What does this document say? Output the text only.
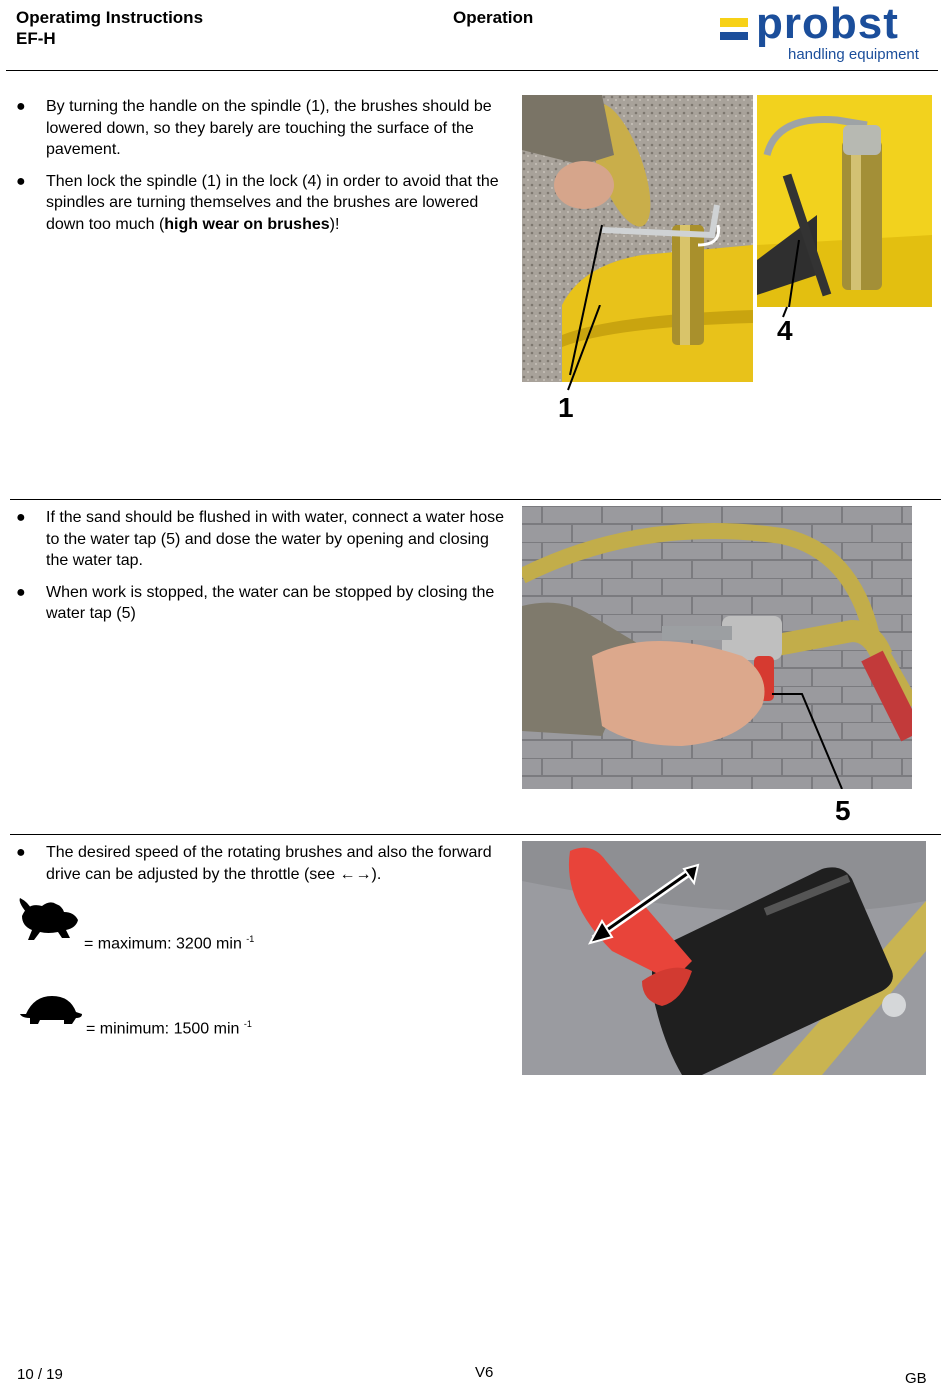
Operatimg Instructions
EF-H
Operation	probst
handling equipment
● By turning the handle on the spindle (1), the brushes should be lowered down, so they barely are touching the surface of the pavement.
● Then lock the spindle (1) in the lock (4) in order to avoid that the spindles are turning themselves and the brushes are lowered down too much (high wear on brushes)!
1
4
● If the sand should be flushed in with water, connect a water hose to the water tap (5) and dose the water by opening and closing the water tap.
● When work is stopped, the water can be stopped by closing the water tap (5)
5
● The desired speed of the rotating brushes and also the forward drive can be adjusted by the throttle (see ←→).
= maximum: 3200 min $^{-1}$
= minimum: 1500 min $^{-1}$
10 / 19	V6	GB
